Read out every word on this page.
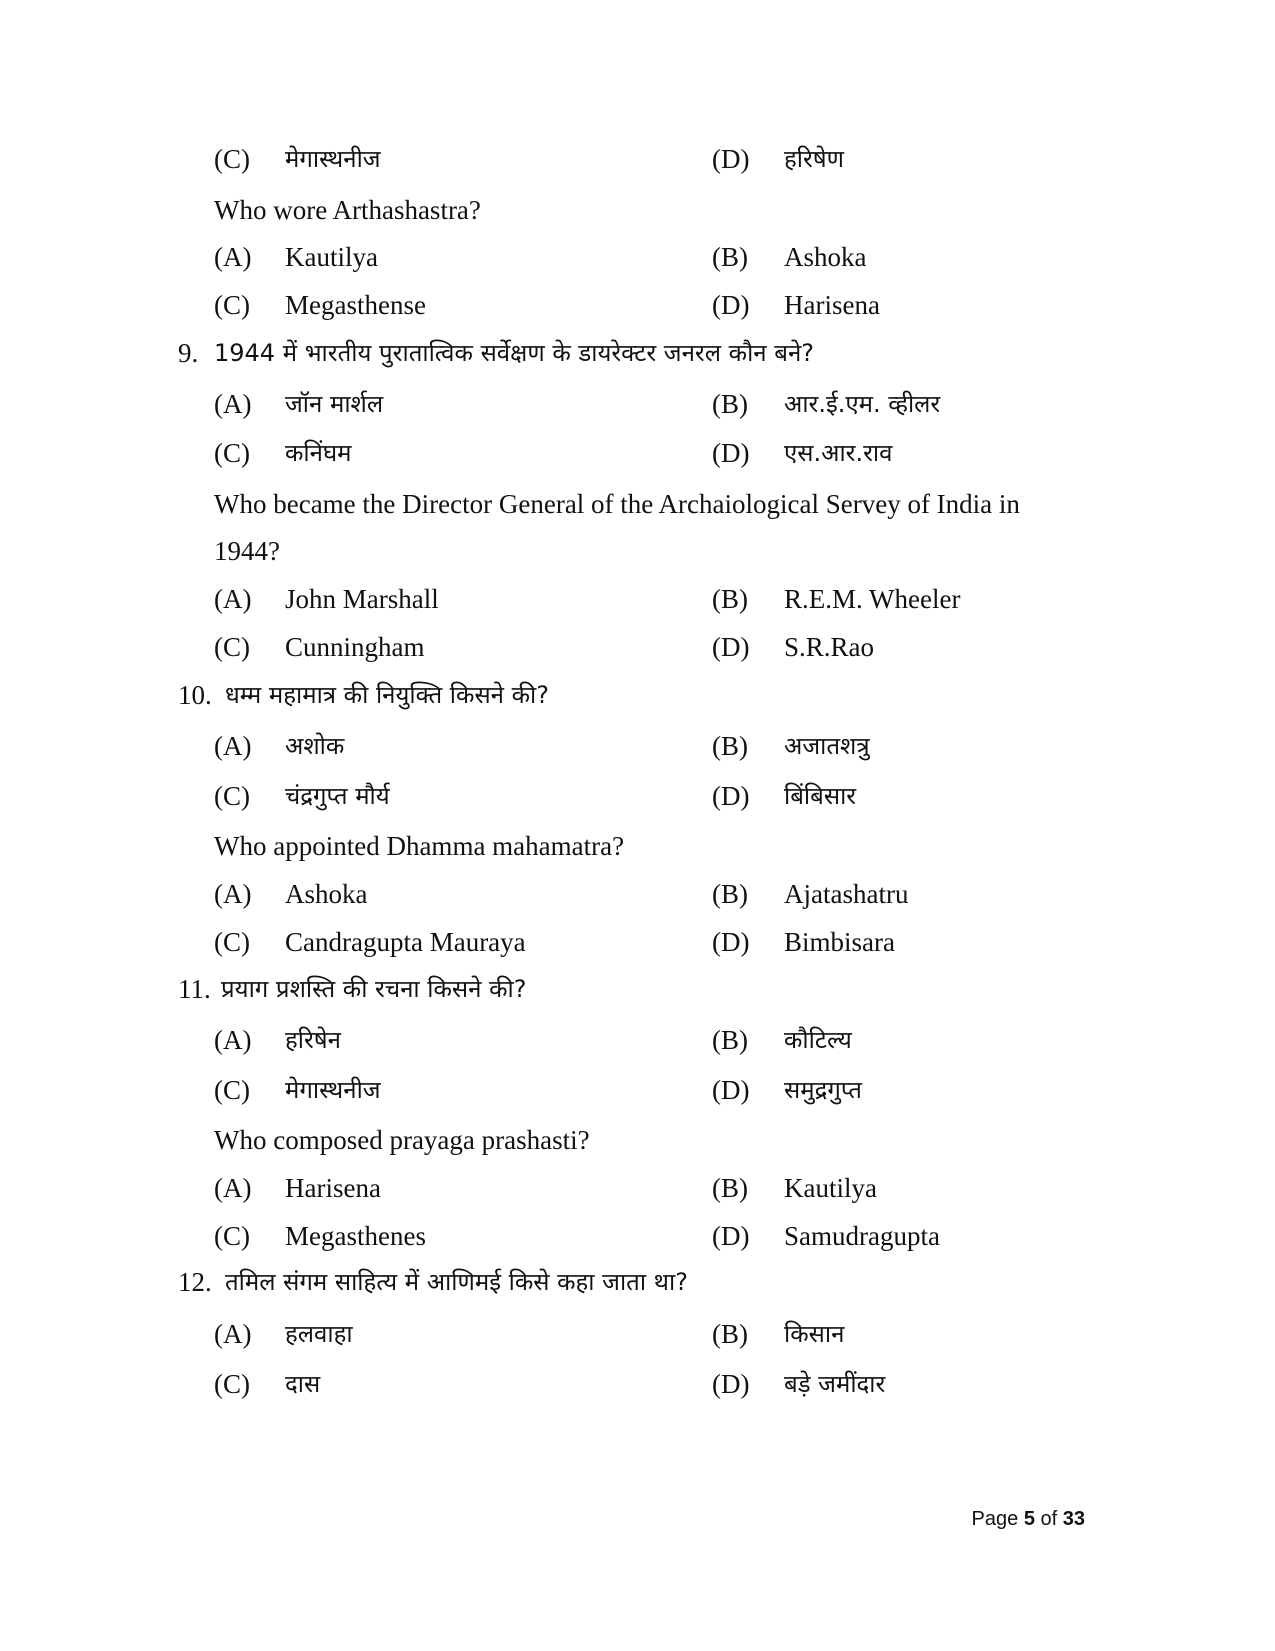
(C) मेगास्थनीज	(D) हरिषेण
Who wore Arthashastra?
(A) Kautilya	(B) Ashoka
(C) Megasthense	(D) Harisena
9. 1944 में भारतीय पुरातात्विक सर्वेक्षण के डायरेक्टर जनरल कौन बने?
(A) जॉन मार्शल	(B) आर.ई.एम. व्हीलर
(C) कनिंघम	(D) एस.आर.राव
Who became the Director General of the Archaiological Servey of India in
1944?
(A) John Marshall	(B) R.E.M. Wheeler
(C) Cunningham	(D) S.R.Rao
10. धम्म महामात्र की नियुक्ति किसने की?
(A) अशोक	(B) अजातशत्रु
(C) चंद्रगुप्त मौर्य	(D) बिंबिसार
Who appointed Dhamma mahamatra?
(A) Ashoka	(B) Ajatashatru
(C) Candragupta Mauraya	(D) Bimbisara
11. प्रयाग प्रशस्ति की रचना किसने की?
(A) हरिषेन	(B) कौटिल्य
(C) मेगास्थनीज	(D) समुद्रगुप्त
Who composed prayaga prashasti?
(A) Harisena	(B) Kautilya
(C) Megasthenes	(D) Samudragupta
12. तमिल संगम साहित्य में आणिमई किसे कहा जाता था?
(A) हलवाहा	(B) किसान
(C) दास	(D) बड़े जमींदार
Page 5 of 33
